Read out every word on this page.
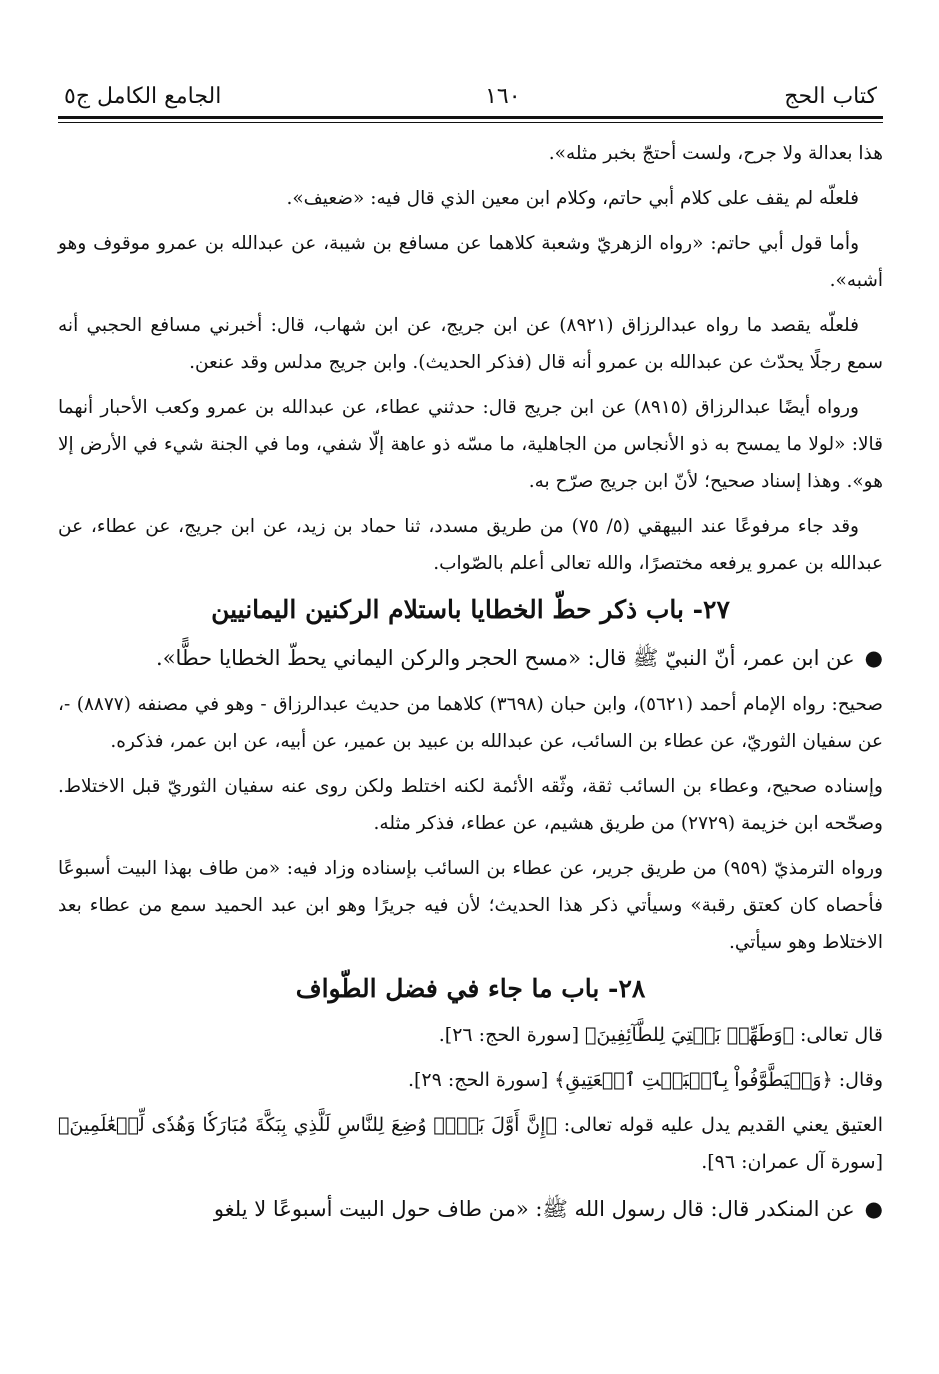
كتاب الحج
١٦٠
الجامع الكامل ج٥

هذا بعدالة ولا جرح، ولست أحتجّ بخبر مثله».

فلعلّه لم يقف على كلام أبي حاتم، وكلام ابن معين الذي قال فيه: «ضعيف».

وأما قول أبي حاتم: «رواه الزهريّ وشعبة كلاهما عن مسافع بن شيبة، عن عبدالله بن عمرو موقوف وهو أشبه».

فلعلّه يقصد ما رواه عبدالرزاق (٨٩٢١) عن ابن جريج، عن ابن شهاب، قال: أخبرني مسافع الحجبي أنه سمع رجلًا يحدّث عن عبدالله بن عمرو أنه قال (فذكر الحديث). وابن جريج مدلس وقد عنعن.

ورواه أيضًا عبدالرزاق (٨٩١٥) عن ابن جريج قال: حدثني عطاء، عن عبدالله بن عمرو وكعب الأحبار أنهما قالا: «لولا ما يمسح به ذو الأنجاس من الجاهلية، ما مسّه ذو عاهة إلّا شفي، وما في الجنة شيء في الأرض إلا هو». وهذا إسناد صحيح؛ لأنّ ابن جريج صرّح به.

وقد جاء مرفوعًا عند البيهقي (٥/ ٧٥) من طريق مسدد، ثنا حماد بن زيد، عن ابن جريج، عن عطاء، عن عبدالله بن عمرو يرفعه مختصرًا، والله تعالى أعلم بالصّواب.

٢٧- باب ذكر حطّ الخطايا باستلام الركنين اليمانيين

●عن ابن عمر، أنّ النبيّ ﷺ قال: «مسح الحجر والركن اليماني يحطّ الخطايا حطًّا».

صحيح: رواه الإمام أحمد (٥٦٢١)، وابن حبان (٣٦٩٨) كلاهما من حديث عبدالرزاق - وهو في مصنفه (٨٨٧٧) -، عن سفيان الثوريّ، عن عطاء بن السائب، عن عبدالله بن عبيد بن عمير، عن أبيه، عن ابن عمر، فذكره.

وإسناده صحيح، وعطاء بن السائب ثقة، وثّقه الأئمة لكنه اختلط ولكن روى عنه سفيان الثوريّ قبل الاختلاط. وصحّحه ابن خزيمة (٢٧٢٩) من طريق هشيم، عن عطاء، فذكر مثله.

ورواه الترمذيّ (٩٥٩) من طريق جرير، عن عطاء بن السائب بإسناده وزاد فيه: «من طاف بهذا البيت أسبوعًا فأحصاه كان كعتق رقبة» وسيأتي ذكر هذا الحديث؛ لأن فيه جريرًا وهو ابن عبد الحميد سمع من عطاء بعد الاختلاط وهو سيأتي.

٢٨- باب ما جاء في فضل الطّواف

قال تعالى: ﴿وَطَهِّرۡ بَيۡتِيَ لِلطَّآئِفِينَ﴾ [سورة الحج: ٢٦].

وقال: ﴿وَلۡيَطَّوَّفُواْ بِٱلۡبَيۡتِ ٱلۡعَتِيقِ﴾ [سورة الحج: ٢٩].

العتيق يعني القديم يدل عليه قوله تعالى: ﴿إِنَّ أَوَّلَ بَيۡتٖ وُضِعَ لِلنَّاسِ لَلَّذِي بِبَكَّةَ مُبَارَكٗا وَهُدٗى لِّلۡعَٰلَمِينَ﴾ [سورة آل عمران: ٩٦].

●عن المنكدر قال: قال رسول الله ﷺ: «من طاف حول البيت أسبوعًا لا يلغو
